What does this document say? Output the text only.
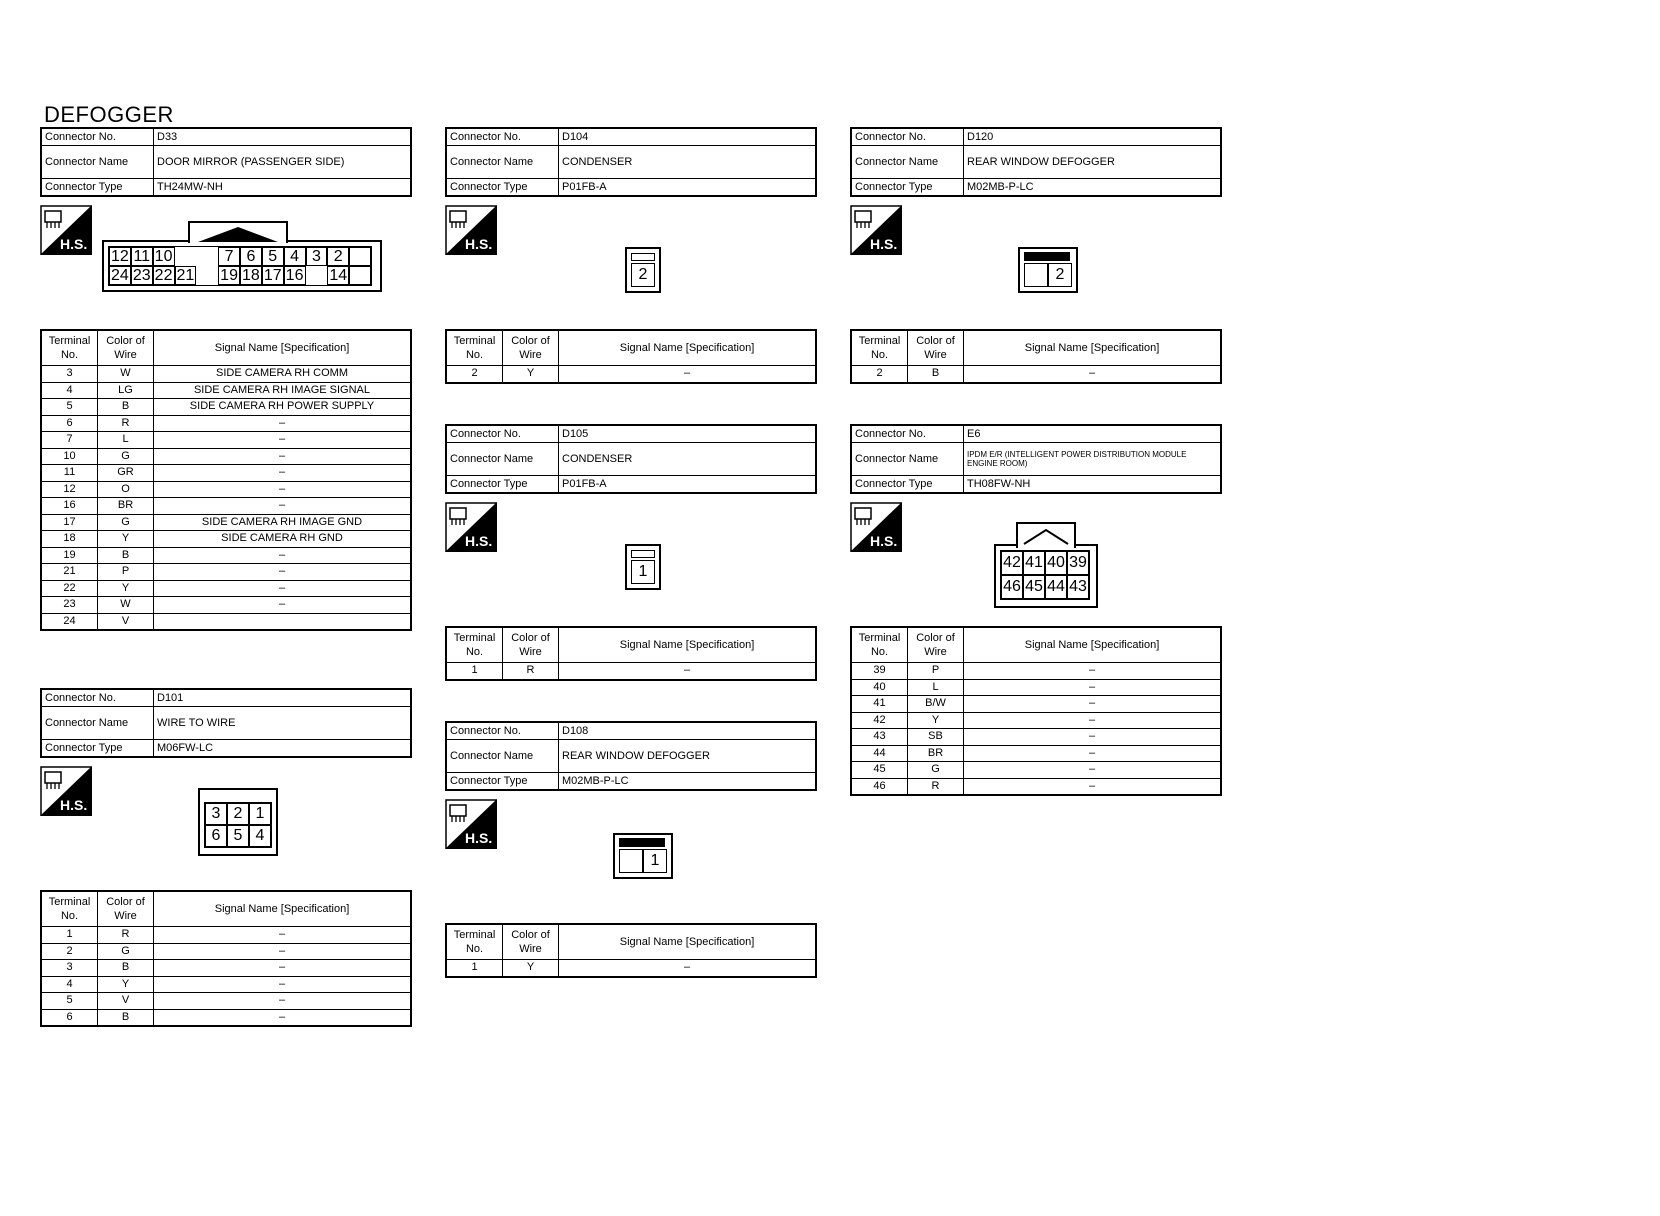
DEFOGGER
Connector No.	D33
Connector Name	DOOR MIRROR (PASSENGER SIDE)
Connector Type	TH24MW-NH
H.S.
12 11 10	7 6 5 4 3 2
24 23 22 21 19 18 17 16 14
Terminal No.	Color of Wire	Signal Name [Specification]
3	W	SIDE CAMERA RH COMM
4	LG	SIDE CAMERA RH IMAGE SIGNAL
5	B	SIDE CAMERA RH POWER SUPPLY
6	R	–
7	L	–
10	G	–
11	GR	–
12	O	–
16	BR	–
17	G	SIDE CAMERA RH IMAGE GND
18	Y	SIDE CAMERA RH GND
19	B	–
21	P	–
22	Y	–
23	W	–
24	V	
Connector No.	D101
Connector Name	WIRE TO WIRE
Connector Type	M06FW-LC
H.S.	3 2 1
6 5 4
Terminal No.	Color of Wire	Signal Name [Specification]
1	R	–
2	G	–
3	B	–
4	Y	–
5	V	–
6	B	–
Connector No.	D104
Connector Name	CONDENSER
Connector Type	P01FB-A
H.S.
2
Terminal No.	Color of Wire	Signal Name [Specification]
2	Y	–
Connector No.	D105
Connector Name	CONDENSER
Connector Type	P01FB-A
H.S.
1
Terminal No.	Color of Wire	Signal Name [Specification]
1	R	–
Connector No.	D108
Connector Name	REAR WINDOW DEFOGGER
Connector Type	M02MB-P-LC
H.S.
1
Terminal No.	Color of Wire	Signal Name [Specification]
1	Y	–
Connector No.	D120
Connector Name	REAR WINDOW DEFOGGER
Connector Type	M02MB-P-LC
H.S.
2
Terminal No.	Color of Wire	Signal Name [Specification]
2	B	–
Connector No.	E6
Connector Name	IPDM E/R (INTELLIGENT POWER DISTRIBUTION MODULE ENGINE ROOM)
Connector Type	TH08FW-NH
H.S.
42 41 40 39
46 45 44 43
Terminal No.	Color of Wire	Signal Name [Specification]
39	P	–
40	L	–
41	B/W	–
42	Y	–
43	SB	–
44	BR	–
45	G	–
46	R	–
